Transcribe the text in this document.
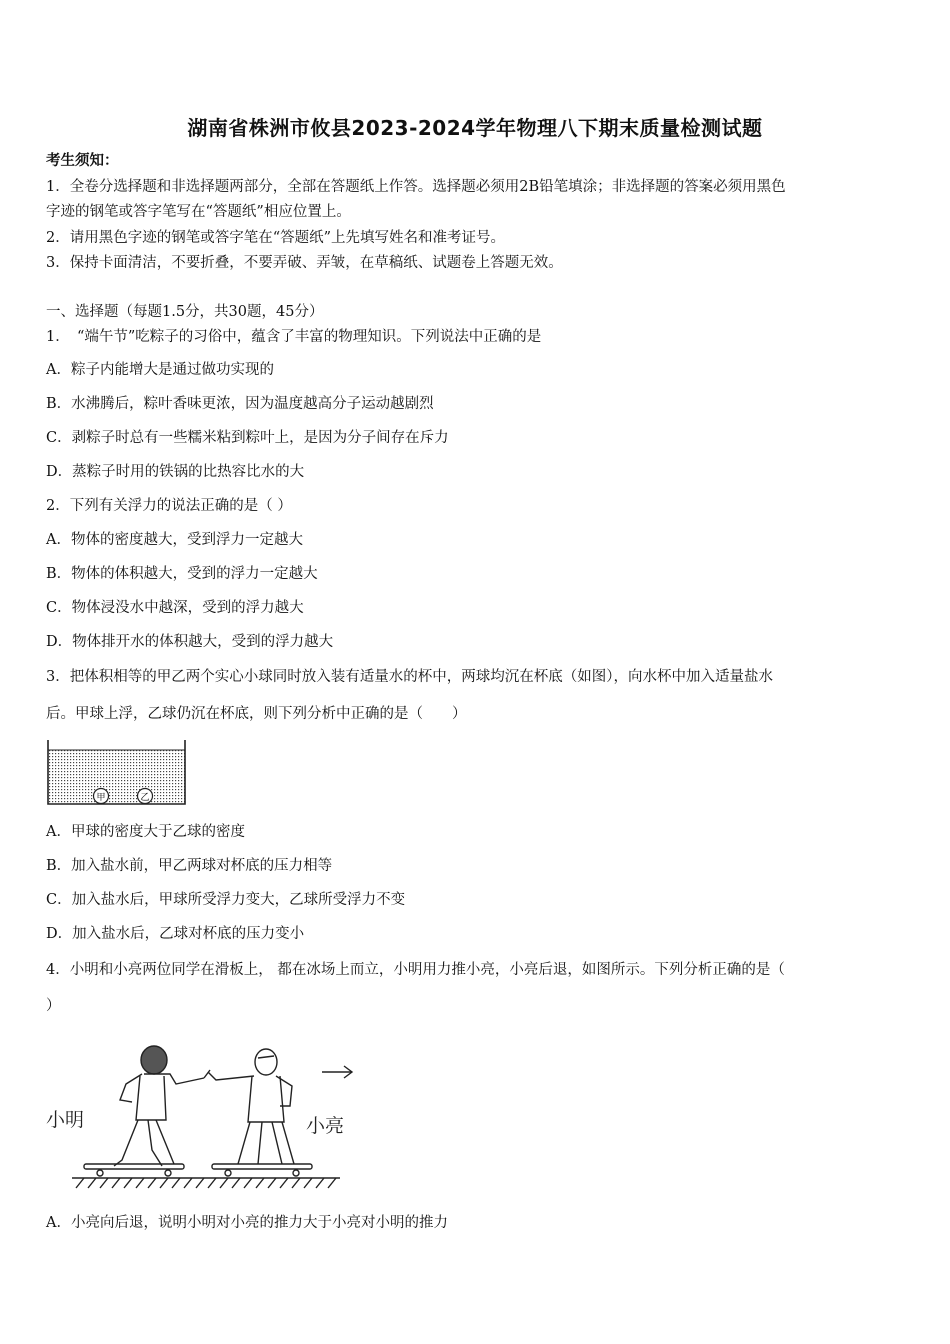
湖南省株洲市攸县2023-2024学年物理八下期末质量检测试题
考生须知：
1．全卷分选择题和非选择题两部分，全部在答题纸上作答。选择题必须用2B铅笔填涂；非选择题的答案必须用黑色
字迹的钢笔或答字笔写在“答题纸”相应位置上。
2．请用黑色字迹的钢笔或答字笔在“答题纸”上先填写姓名和准考证号。
3．保持卡面清洁，不要折叠，不要弄破、弄皱，在草稿纸、试题卷上答题无效。
一、选择题（每题1.5分，共30题，45分）
1．　“端午节”吃粽子的习俗中，蕴含了丰富的物理知识。下列说法中正确的是
A．粽子内能增大是通过做功实现的
B．水沸腾后，粽叶香味更浓，因为温度越高分子运动越剧烈
C．剥粽子时总有一些糯米粘到粽叶上，是因为分子间存在斥力
D．蒸粽子时用的铁锅的比热容比水的大
2．下列有关浮力的说法正确的是（ ）
A．物体的密度越大，受到浮力一定越大
B．物体的体积越大，受到的浮力一定越大
C．物体浸没水中越深，受到的浮力越大
D．物体排开水的体积越大，受到的浮力越大
3．把体积相等的甲乙两个实心小球同时放入装有适量水的杯中，两球均沉在杯底（如图），向水杯中加入适量盐水
后。甲球上浮，乙球仍沉在杯底，则下列分析中正确的是（　　）
甲	乙
A．甲球的密度大于乙球的密度
B．加入盐水前，甲乙两球对杯底的压力相等
C．加入盐水后，甲球所受浮力变大，乙球所受浮力不变
D．加入盐水后，乙球对杯底的压力变小
4．小明和小亮两位同学在滑板上， 都在冰场上而立，小明用力推小亮，小亮后退，如图所示。下列分析正确的是（
）
小明	小亮
A．小亮向后退，说明小明对小亮的推力大于小亮对小明的推力
